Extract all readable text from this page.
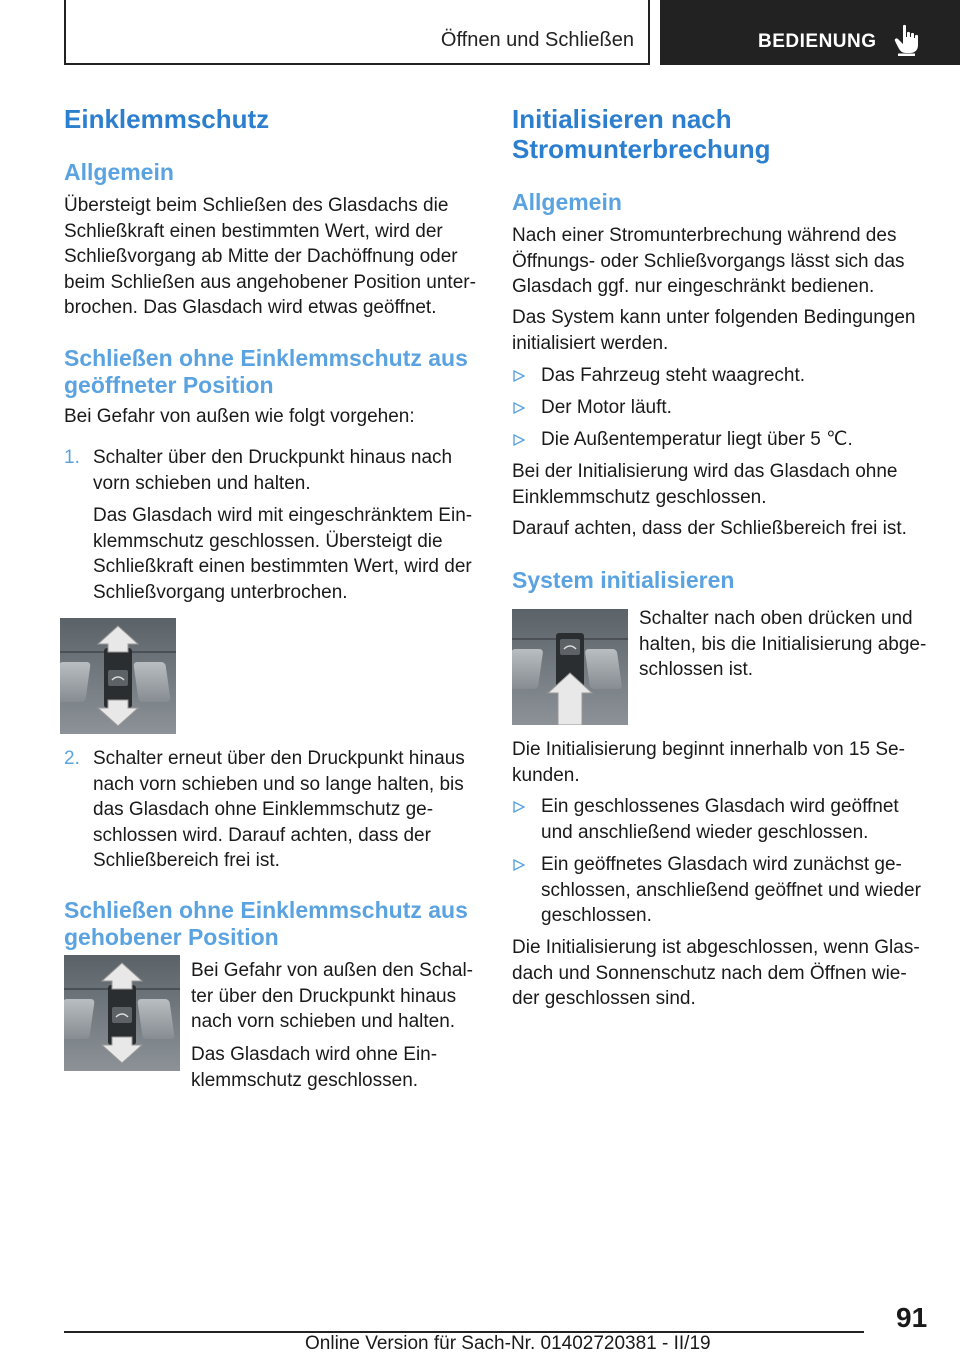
Öffnen und Schließen	BEDIENUNG
Einklemmschutz
Allgemein
Übersteigt beim Schließen des Glasdachs die
Schließkraft einen bestimmten Wert, wird der
Schließvorgang ab Mitte der Dachöffnung oder
beim Schließen aus angehobener Position unter‐
brochen. Das Glasdach wird etwas geöffnet.
Schließen ohne Einklemmschutz aus
geöffneter Position
Bei Gefahr von außen wie folgt vorgehen:
1. Schalter über den Druckpunkt hinaus nach
vorn schieben und halten.
Das Glasdach wird mit eingeschränktem Ein‐
klemmschutz geschlossen. Übersteigt die
Schließkraft einen bestimmten Wert, wird der
Schließvorgang unterbrochen.
2. Schalter erneut über den Druckpunkt hinaus
nach vorn schieben und so lange halten, bis
das Glasdach ohne Einklemmschutz ge‐
schlossen wird. Darauf achten, dass der
Schließbereich frei ist.
Schließen ohne Einklemmschutz aus
gehobener Position
Bei Gefahr von außen den Schal‐
ter über den Druckpunkt hinaus
nach vorn schieben und halten.
Das Glasdach wird ohne Ein‐
klemmschutz geschlossen.
Initialisieren nach
Stromunterbrechung
Allgemein
Nach einer Stromunterbrechung während des
Öffnungs- oder Schließvorgangs lässt sich das
Glasdach ggf. nur eingeschränkt bedienen.
Das System kann unter folgenden Bedingungen
initialisiert werden.
Das Fahrzeug steht waagrecht.
Der Motor läuft.
Die Außentemperatur liegt über 5 ℃.
Bei der Initialisierung wird das Glasdach ohne
Einklemmschutz geschlossen.
Darauf achten, dass der Schließbereich frei ist.
System initialisieren
Schalter nach oben drücken und
halten, bis die Initialisierung abge‐
schlossen ist.
Die Initialisierung beginnt innerhalb von 15 Se‐
kunden.
Ein geschlossenes Glasdach wird geöffnet
und anschließend wieder geschlossen.
Ein geöffnetes Glasdach wird zunächst ge‐
schlossen, anschließend geöffnet und wieder
geschlossen.
Die Initialisierung ist abgeschlossen, wenn Glas‐
dach und Sonnenschutz nach dem Öffnen wie‐
der geschlossen sind.
91
Online Version für Sach-Nr. 01402720381 - II/19
